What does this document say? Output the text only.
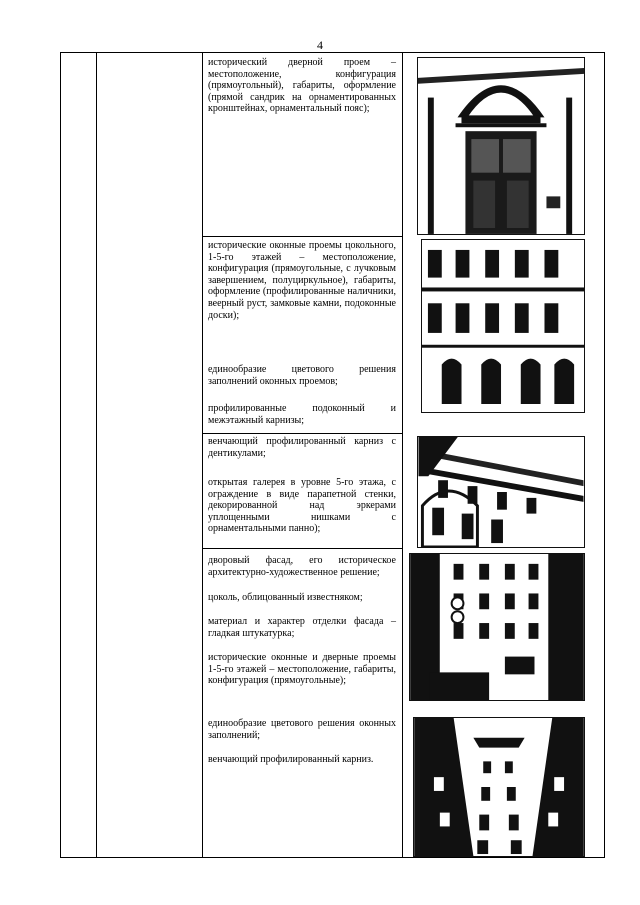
4
исторический дверной проем – местоположение, конфигурация (прямоугольный), габариты, оформление (прямой сандрик на орнаментированных кронштейнах, орнаментальный пояс);
исторические оконные проемы цокольного, 1-5-го этажей – местоположение, конфигурация (прямоугольные, с лучковым завершением, полуциркульное), габариты, оформление (профилированные наличники, веерный руст, замковые камни, подоконные доски);
единообразие цветового решения заполнений оконных проемов;
профилированные подоконный и межэтажный карнизы;
венчающий профилированный карниз с дентикулами;
открытая галерея в уровне 5-го этажа, с ограждение в виде парапетной стенки, декорированной над эркерами уплощенными нишками с орнаментальными панно);
дворовый фасад, его историческое архитектурно-художественное решение;
цоколь, облицованный известняком;
материал и характер отделки фасада – гладкая штукатурка;
исторические оконные и дверные проемы 1-5-го этажей – местоположение, габариты, конфигурация (прямоугольные);
единообразие цветового решения оконных заполнений;
венчающий профилированный карниз.
